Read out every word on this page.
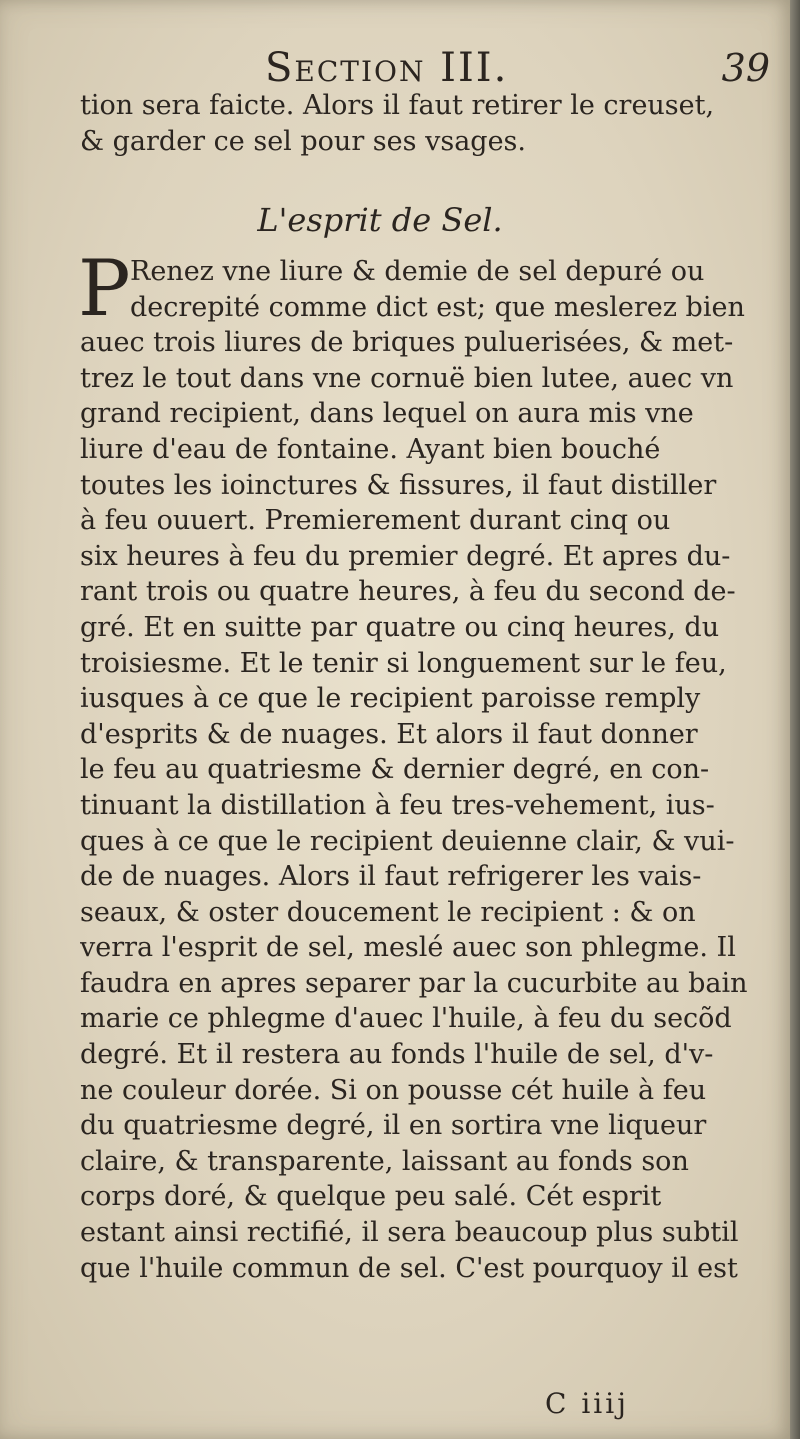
Section III.	39

tion sera faicte. Alors il faut retirer le creuset,
& garder ce sel pour ses vsages.

L'esprit de Sel.
P Renez vne liure & demie de sel depuré ou
decrepité comme dict est; que meslerez bien
auec trois liures de briques puluerisées, & met-
trez le tout dans vne cornuë bien lutee, auec vn
grand recipient, dans lequel on aura mis vne
liure d'eau de fontaine. Ayant bien bouché
toutes les ioinctures & fissures, il faut distiller
à feu ouuert. Premierement durant cinq ou
six heures à feu du premier degré. Et apres du-
rant trois ou quatre heures, à feu du second de-
gré. Et en suitte par quatre ou cinq heures, du
troisiesme. Et le tenir si longuement sur le feu,
iusques à ce que le recipient paroisse remply
d'esprits & de nuages. Et alors il faut donner
le feu au quatriesme & dernier degré, en con-
tinuant la distillation à feu tres-vehement, ius-
ques à ce que le recipient deuienne clair, & vui-
de de nuages. Alors il faut refrigerer les vais-
seaux, & oster doucement le recipient : & on
verra l'esprit de sel, meslé auec son phlegme. Il
faudra en apres separer par la cucurbite au bain
marie ce phlegme d'auec l'huile, à feu du secõd
degré. Et il restera au fonds l'huile de sel, d'v-
ne couleur dorée. Si on pousse cét huile à feu
du quatriesme degré, il en sortira vne liqueur
claire, & transparente, laissant au fonds son
corps doré, & quelque peu salé. Cét esprit
estant ainsi rectifié, il sera beaucoup plus subtil
que l'huile commun de sel. C'est pourquoy il est

C iiij
